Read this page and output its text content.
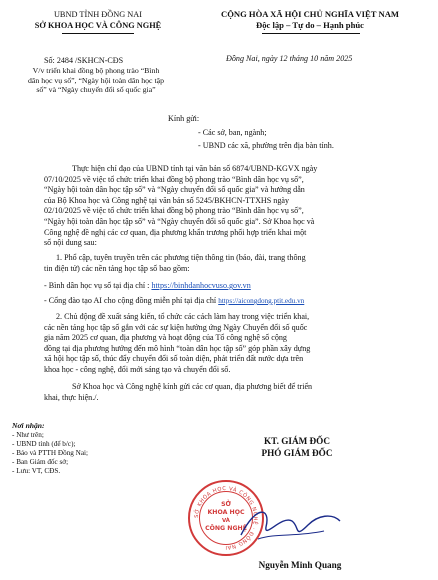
UBND TỈNH ĐỒNG NAI
SỞ KHOA HỌC VÀ CÔNG NGHỆ
CỘNG HÒA XÃ HỘI CHỦ NGHĨA VIỆT NAM
Độc lập – Tự do – Hạnh phúc
Số: 2484 /SKHCN-CĐS
V/v triển khai đồng bộ phong trào “Bình
dân học vụ số”, “Ngày hội toàn dân học tập
số” và “Ngày chuyển đổi số quốc gia”
Đồng Nai, ngày 12 tháng 10 năm 2025
Kính gửi:
- Các sở, ban, ngành;
- UBND các xã, phường trên địa bàn tỉnh.
Thực hiện chỉ đạo của UBND tỉnh tại văn bản số 6874/UBND-KGVX ngày
07/10/2025 về việc tổ chức triển khai đồng bộ phong trào “Bình dân học vụ số”,
“Ngày hội toàn dân học tập số” và “Ngày chuyển đổi số quốc gia” và hướng dẫn
của Bộ Khoa học và Công nghệ tại văn bản số 5245/BKHCN-TTXHS ngày
02/10/2025 về việc tổ chức triển khai đồng bộ phong trào “Bình dân học vụ số”,
“Ngày hội toàn dân học tập số” và “Ngày chuyển đổi số quốc gia”. Sở Khoa học và
Công nghệ đề nghị các cơ quan, địa phương khẩn trương phối hợp triển khai một
số nội dung sau:
1. Phổ cập, tuyên truyền trên các phương tiện thông tin (báo, đài, trang thông
tin điện tử) các nền tảng học tập số bao gồm:
- Bình dân học vụ số tại địa chỉ : https://binhdanhocvuso.gov.vn
- Cổng đào tạo AI cho cộng đồng miễn phí tại địa chỉ https://aicongdong.ptit.edu.vn
2. Chủ động đề xuất sáng kiến, tổ chức các cách làm hay trong việc triển khai,
các nền tảng học tập số gắn với các sự kiện hưởng ứng Ngày Chuyển đổi số quốc
gia năm 2025 cơ quan, địa phương và hoạt động của Tổ công nghệ số cộng
đồng tại địa phương hướng đến mô hình “toàn dân học tập số” góp phần xây dựng
xã hội học tập số, thúc đẩy chuyển đổi số toàn diện, phát triển đất nước dựa trên
khoa học - công nghệ, đổi mới sáng tạo và chuyển đổi số.
Sở Khoa học và Công nghệ kính gửi các cơ quan, địa phương biết để triển
khai, thực hiện./.
Nơi nhận:
- Như trên;
- UBND tỉnh (để b/c);
- Báo và PTTH Đồng Nai;
- Ban Giám đốc sở;
- Lưu: VT, CĐS.
KT. GIÁM ĐỐC
PHÓ GIÁM ĐỐC
SỞ KHOA HỌC VÀ CÔNG NGHỆ · ĐỒNG NAI
SỞ
KHOA HỌC
VÀ
CÔNG NGHỆ
Nguyễn Minh Quang
